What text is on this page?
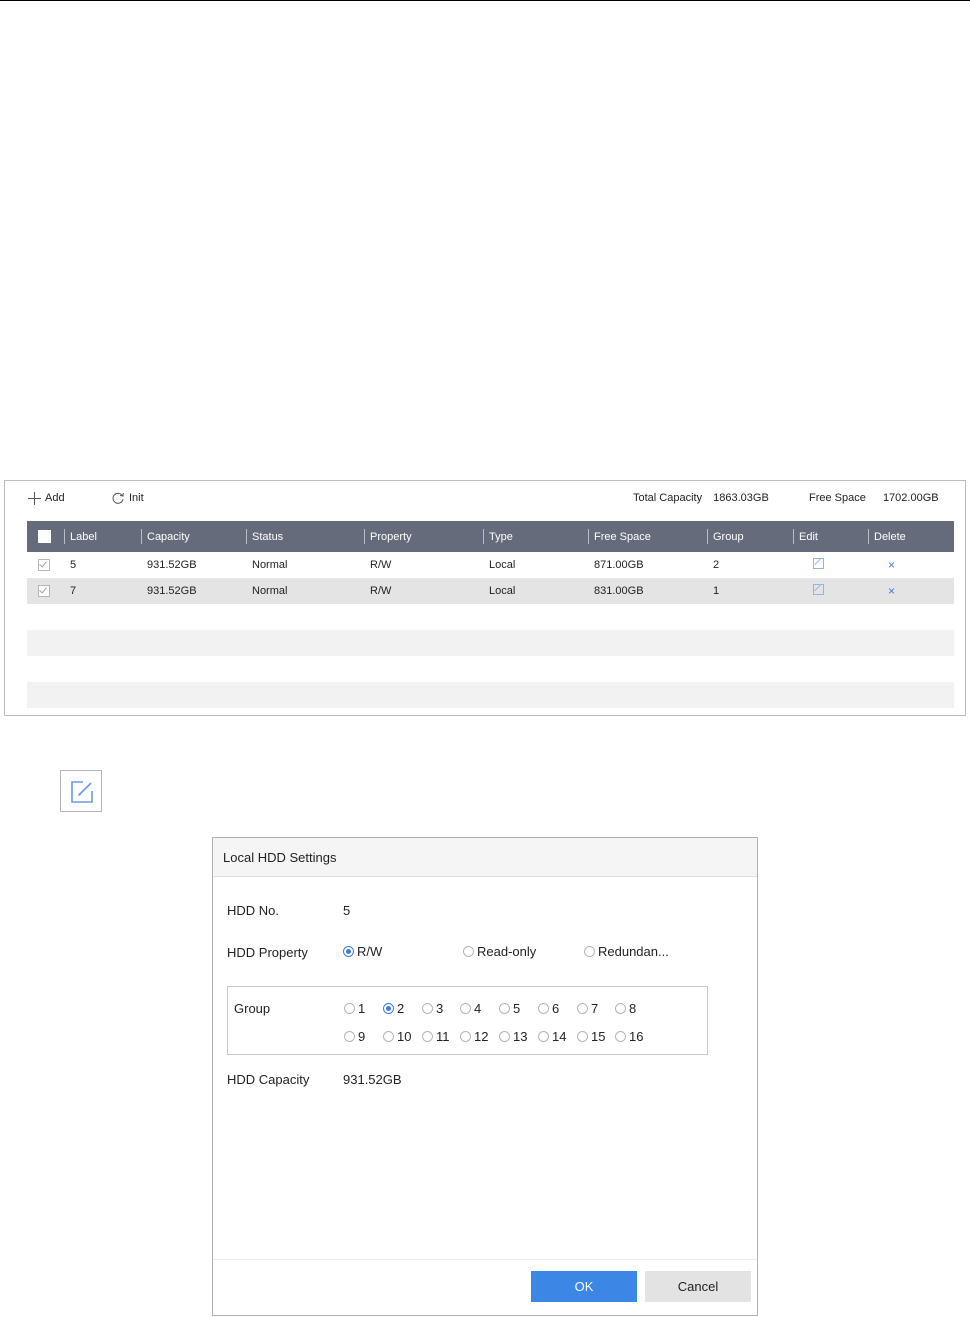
Add	Init	Total Capacity 1863.03GB	Free Space 1702.00GB

Label	Capacity	Status	Property	Type	Free Space	Group	Edit	Delete
	5	931.52GB	Normal	R/W	Local	871.00GB	2		×
	7	931.52GB	Normal	R/W	Local	831.00GB	1		×

Local HDD Settings
HDD No.	5
HDD Property	R/W	Read-only	Redundan...
Group	1 2 3 4 5 6 7 8
9 10 11 12 13 14 15 16
HDD Capacity	931.52GB
OK	Cancel
